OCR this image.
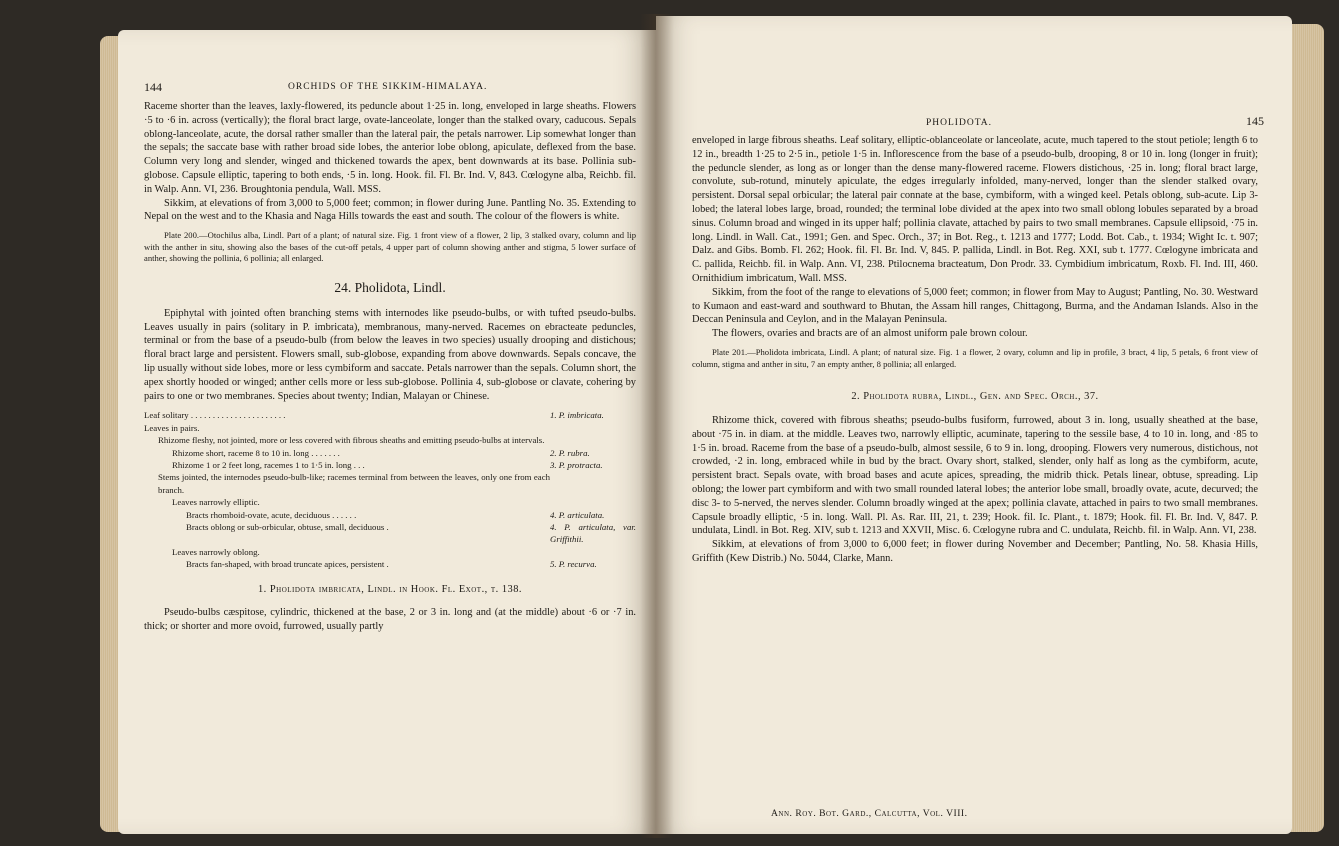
144	ORCHIDS OF THE SIKKIM-HIMALAYA.

Raceme shorter than the leaves, laxly-flowered, its peduncle about 1·25 in. long, enveloped in large sheaths. Flowers ·5 to ·6 in. across (vertically); the floral bract large, ovate-lanceolate, longer than the stalked ovary, caducous. Sepals oblong-lanceolate, acute, the dorsal rather smaller than the lateral pair, the petals narrower. Lip somewhat longer than the sepals; the saccate base with rather broad side lobes, the anterior lobe oblong, apiculate, deflexed from the base. Column very long and slender, winged and thickened towards the apex, bent downwards at its base. Pollinia sub-globose. Capsule elliptic, tapering to both ends, ·5 in. long. Hook. fil. Fl. Br. Ind. V, 843. Cœlogyne alba, Reichb. fil. in Walp. Ann. VI, 236. Broughtonia pendula, Wall. MSS.

Sikkim, at elevations of from 3,000 to 5,000 feet; common; in flower during June. Pantling No. 35. Extending to Nepal on the west and to the Khasia and Naga Hills towards the east and south. The colour of the flowers is white.

Plate 200.—Otochilus alba, Lindl. Part of a plant; of natural size. Fig. 1 front view of a flower, 2 lip, 3 stalked ovary, column and lip with the anther in situ, showing also the bases of the cut-off petals, 4 upper part of column showing anther and stigma, 5 lower surface of anther, showing the pollinia, 6 pollinia; all enlarged.

24. Pholidota, Lindl.

Epiphytal with jointed often branching stems with internodes like pseudo-bulbs, or with tufted pseudo-bulbs. Leaves usually in pairs (solitary in P. imbricata), membranous, many-nerved. Racemes on ebracteate peduncles, terminal or from the base of a pseudo-bulb (from below the leaves in two species) usually drooping and distichous; floral bract large and persistent. Flowers small, sub-globose, expanding from above downwards. Sepals concave, the lip usually without side lobes, more or less cymbiform and saccate. Petals narrower than the sepals. Column short, the apex shortly hooded or winged; anther cells more or less sub-globose. Pollinia 4, sub-globose or clavate, cohering by pairs to one or two membranes. Species about twenty; Indian, Malayan or Chinese.

Leaf solitary . . . . . . . . . . . . . . . . . . . . . .	1. P. imbricata.
Leaves in pairs.
Rhizome fleshy, not jointed, more or less covered with fibrous sheaths and emitting pseudo-bulbs at intervals.
Rhizome short, raceme 8 to 10 in. long . . . . . . .	2. P. rubra.
Rhizome 1 or 2 feet long, racemes 1 to 1·5 in. long . . .	3. P. protracta.
Stems jointed, the internodes pseudo-bulb-like; racemes terminal from between the leaves, only one from each branch.
Leaves narrowly elliptic.
Bracts rhomboid-ovate, acute, deciduous . . . . . .	4. P. articulata.
Bracts oblong or sub-orbicular, obtuse, small, deciduous .	4. P. articulata, var. Griffithii.
Leaves narrowly oblong.
Bracts fan-shaped, with broad truncate apices, persistent .	5. P. recurva.
1. Pholidota imbricata, Lindl. in Hook. Fl. Exot., t. 138.

Pseudo-bulbs cæspitose, cylindric, thickened at the base, 2 or 3 in. long and (at the middle) about ·6 or ·7 in. thick; or shorter and more ovoid, furrowed, usually partly

PHOLIDOTA.	145

enveloped in large fibrous sheaths. Leaf solitary, elliptic-oblanceolate or lanceolate, acute, much tapered to the stout petiole; length 6 to 12 in., breadth 1·25 to 2·5 in., petiole 1·5 in. Inflorescence from the base of a pseudo-bulb, drooping, 8 or 10 in. long (longer in fruit); the peduncle slender, as long as or longer than the dense many-flowered raceme. Flowers distichous, ·25 in. long; floral bract large, convolute, sub-rotund, minutely apiculate, the edges irregularly infolded, many-nerved, longer than the slender stalked ovary, persistent. Dorsal sepal orbicular; the lateral pair connate at the base, cymbiform, with a winged keel. Petals oblong, sub-acute. Lip 3-lobed; the lateral lobes large, broad, rounded; the terminal lobe divided at the apex into two small oblong lobules separated by a broad sinus. Column broad and winged in its upper half; pollinia clavate, attached by pairs to two small membranes. Capsule ellipsoid, ·75 in. long. Lindl. in Wall. Cat., 1991; Gen. and Spec. Orch., 37; in Bot. Reg., t. 1213 and 1777; Lodd. Bot. Cab., t. 1934; Wight Ic. t. 907; Dalz. and Gibs. Bomb. Fl. 262; Hook. fil. Fl. Br. Ind. V, 845. P. pallida, Lindl. in Bot. Reg. XXI, sub t. 1777. Cœlogyne imbricata and C. pallida, Reichb. fil. in Walp. Ann. VI, 238. Ptilocnema bracteatum, Don Prodr. 33. Cymbidium imbricatum, Roxb. Fl. Ind. III, 460. Ornithidium imbricatum, Wall. MSS.

Sikkim, from the foot of the range to elevations of 5,000 feet; common; in flower from May to August; Pantling, No. 30. Westward to Kumaon and east-ward and southward to Bhutan, the Assam hill ranges, Chittagong, Burma, and the Andaman Islands. Also in the Deccan Peninsula and Ceylon, and in the Malayan Peninsula.

The flowers, ovaries and bracts are of an almost uniform pale brown colour.

Plate 201.—Pholidota imbricata, Lindl. A plant; of natural size. Fig. 1 a flower, 2 ovary, column and lip in profile, 3 bract, 4 lip, 5 petals, 6 front view of column, stigma and anther in situ, 7 an empty anther, 8 pollinia; all enlarged.

2. Pholidota rubra, Lindl., Gen. and Spec. Orch., 37.

Rhizome thick, covered with fibrous sheaths; pseudo-bulbs fusiform, furrowed, about 3 in. long, usually sheathed at the base, about ·75 in. in diam. at the middle. Leaves two, narrowly elliptic, acuminate, tapering to the sessile base, 4 to 10 in. long, and ·85 to 1·5 in. broad. Raceme from the base of a pseudo-bulb, almost sessile, 6 to 9 in. long, drooping. Flowers very numerous, distichous, not crowded, ·2 in. long, embraced while in bud by the bract. Ovary short, stalked, slender, only half as long as the cymbiform, acute, persistent bract. Sepals ovate, with broad bases and acute apices, spreading, the midrib thick. Petals linear, obtuse, spreading. Lip oblong; the lower part cymbiform and with two small rounded lateral lobes; the anterior lobe small, broadly ovate, acute, decurved; the disc 3- to 5-nerved, the nerves slender. Column broadly winged at the apex; pollinia clavate, attached in pairs to two small membranes. Capsule broadly elliptic, ·5 in. long. Wall. Pl. As. Rar. III, 21, t. 239; Hook. fil. Ic. Plant., t. 1879; Hook. fil. Fl. Br. Ind. V, 847. P. undulata, Lindl. in Bot. Reg. XIV, sub t. 1213 and XXVII, Misc. 6. Cœlogyne rubra and C. undulata, Reichb. fil. in Walp. Ann. VI, 238.

Sikkim, at elevations of from 3,000 to 6,000 feet; in flower during November and December; Pantling, No. 58. Khasia Hills, Griffith (Kew Distrib.) No. 5044, Clarke, Mann.

Ann. Roy. Bot. Gard., Calcutta, Vol. VIII.
